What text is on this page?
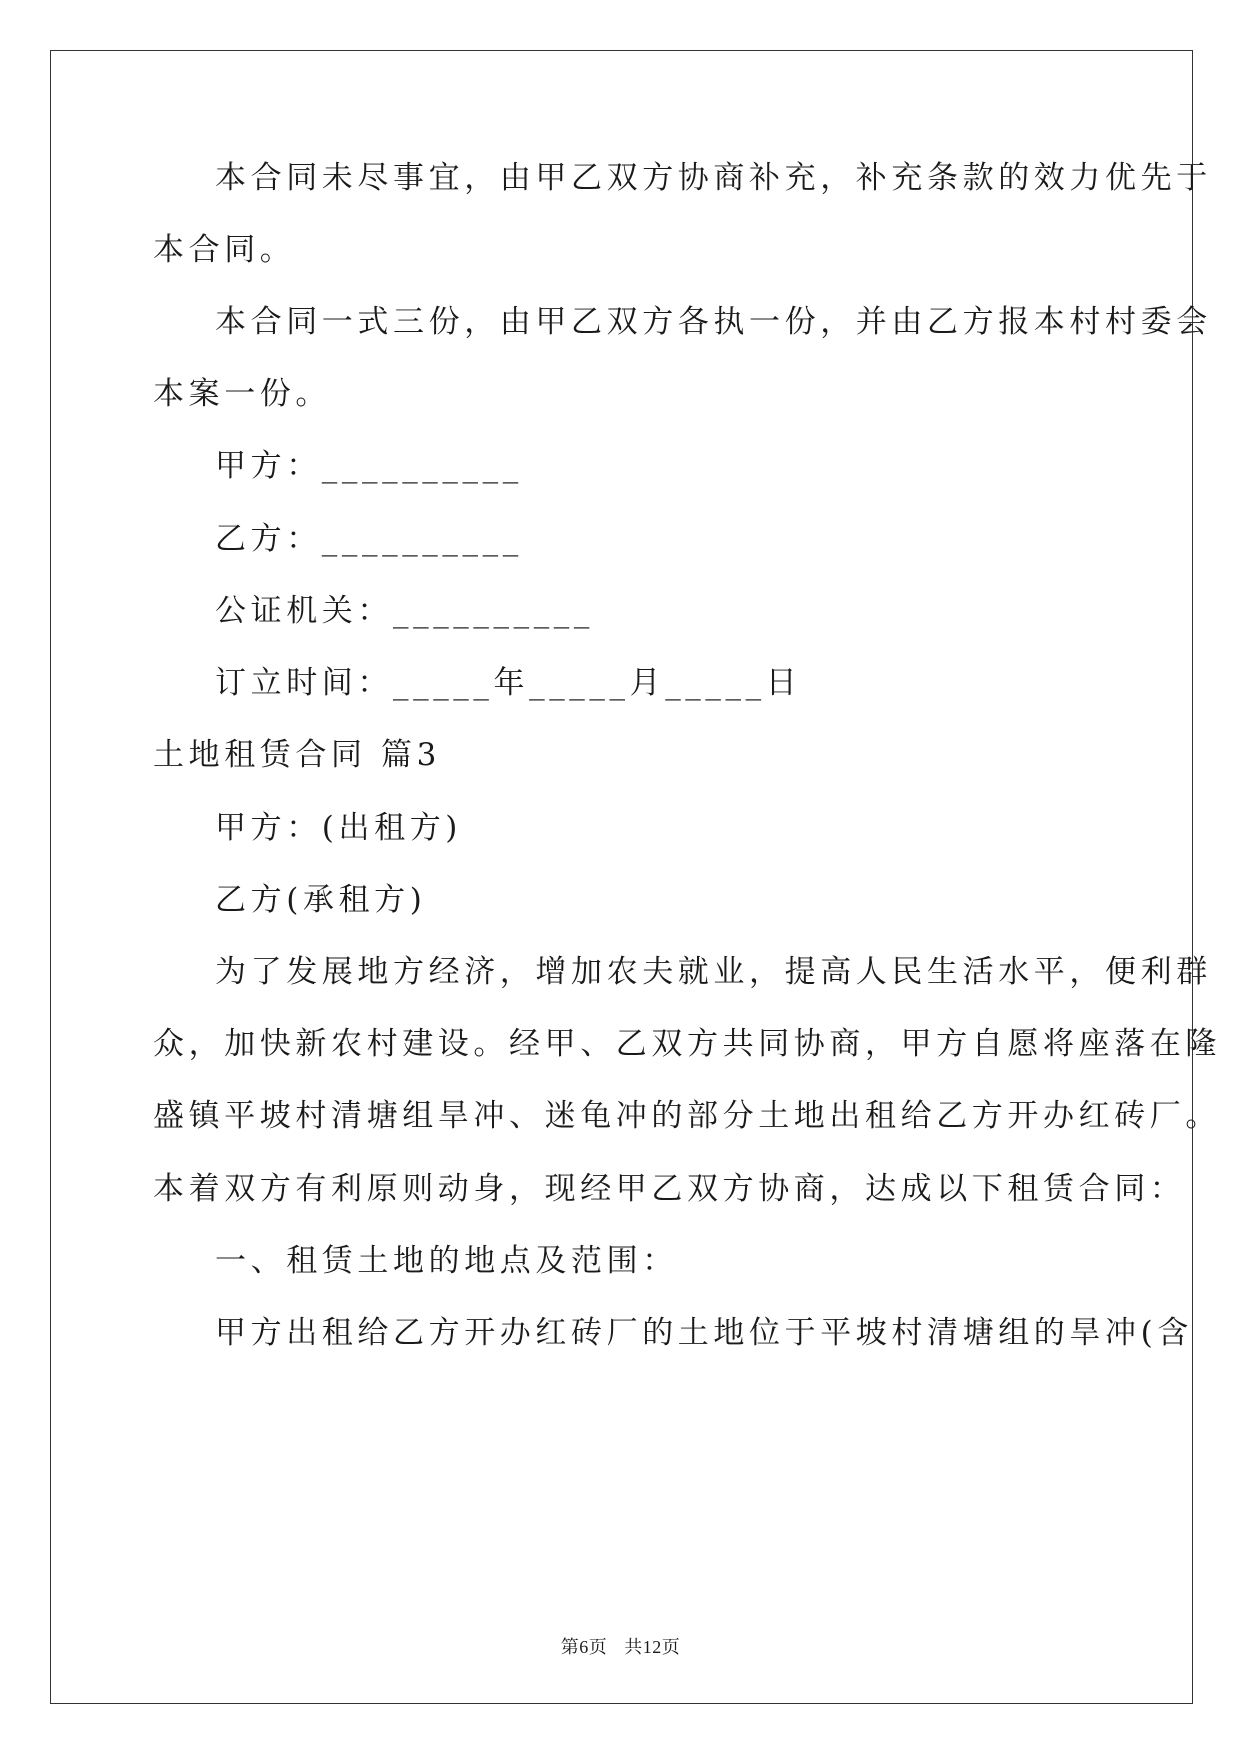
本合同未尽事宜，由甲乙双方协商补充，补充条款的效力优先于
本合同。
本合同一式三份，由甲乙双方各执一份，并由乙方报本村村委会
本案一份。
甲方：__________
乙方：__________
公证机关：__________
订立时间：_____年_____月_____日
土地租赁合同 篇3
甲方：(出租方)
乙方(承租方)
为了发展地方经济，增加农夫就业，提高人民生活水平，便利群
众，加快新农村建设。经甲、乙双方共同协商，甲方自愿将座落在隆
盛镇平坡村清塘组旱冲、迷龟冲的部分土地出租给乙方开办红砖厂。
本着双方有利原则动身，现经甲乙双方协商，达成以下租赁合同：
一、租赁土地的地点及范围：
甲方出租给乙方开办红砖厂的土地位于平坡村清塘组的旱冲(含
第6页 共12页
